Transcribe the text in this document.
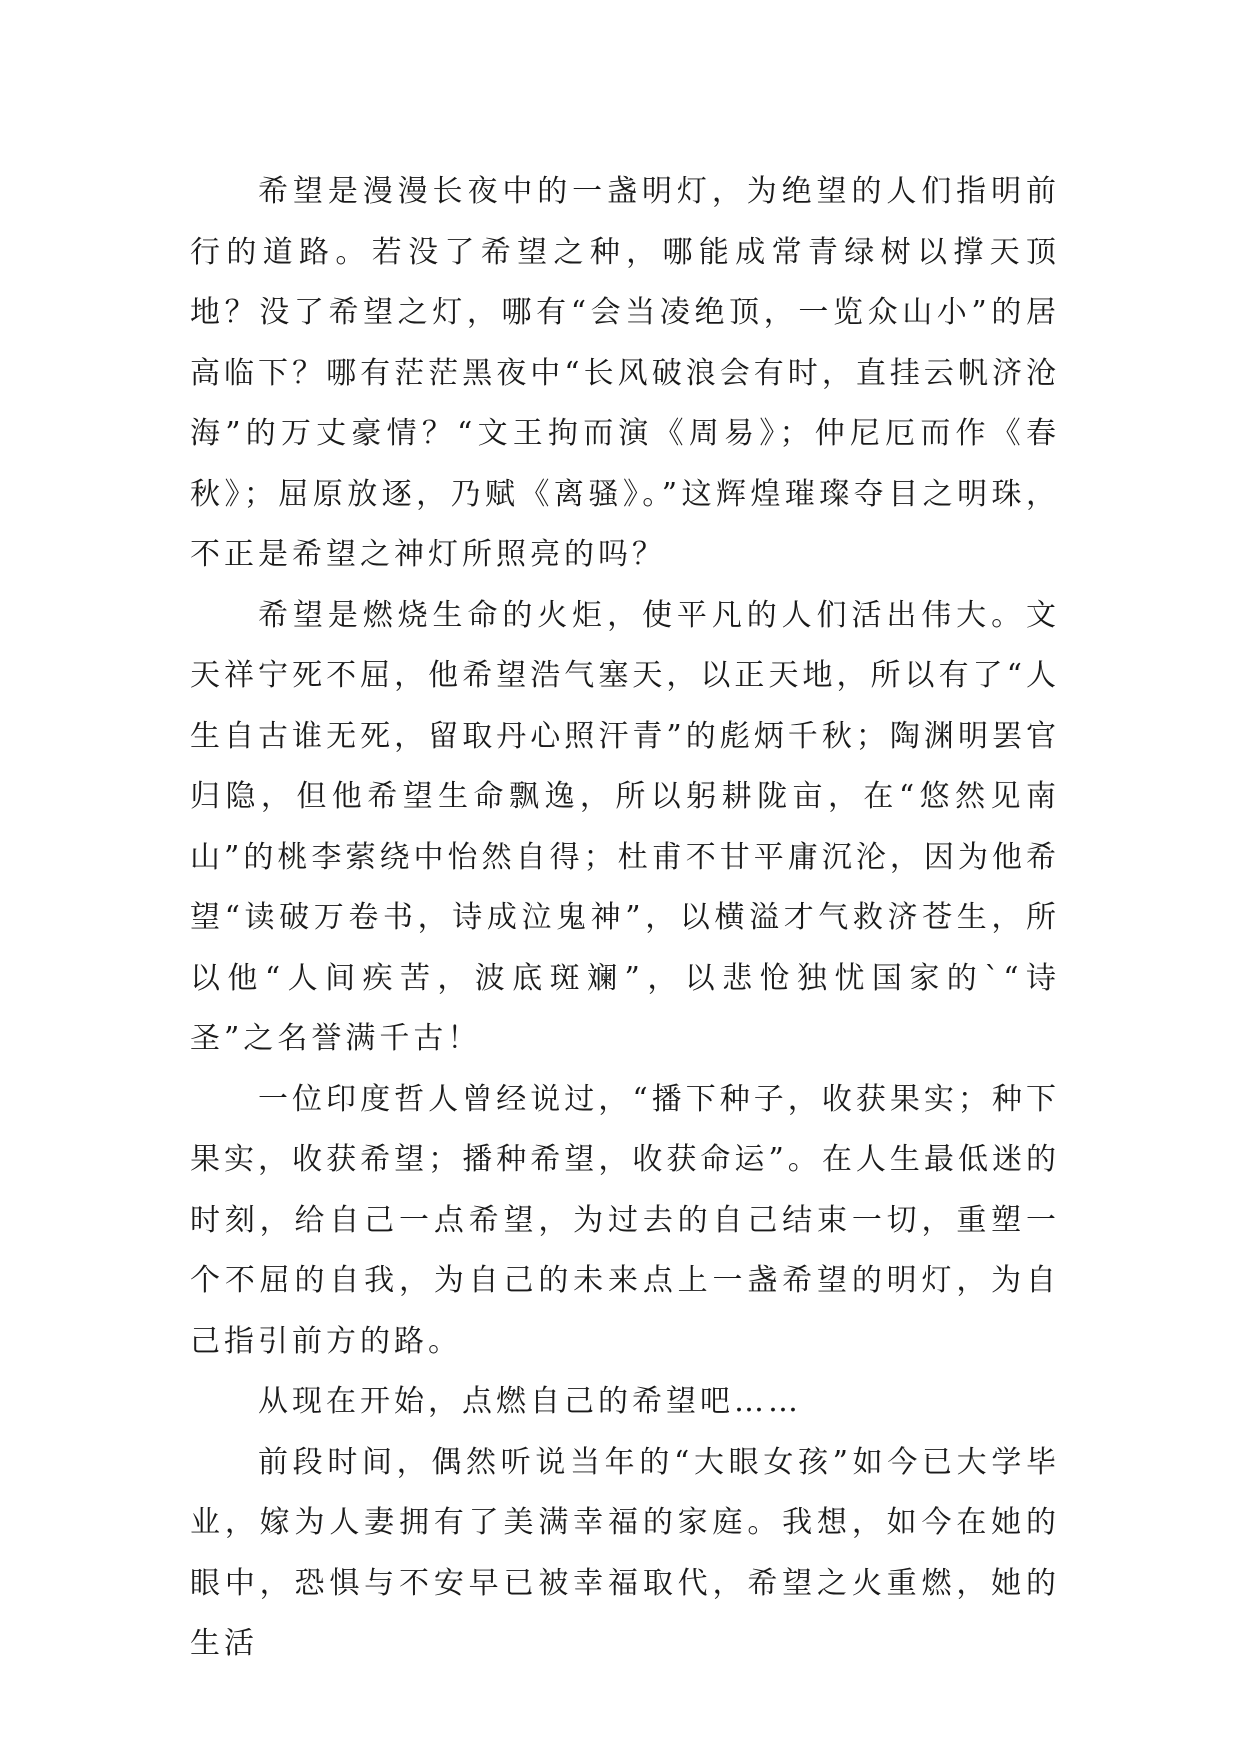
希望是漫漫长夜中的一盏明灯，为绝望的人们指明前行的道路。若没了希望之种，哪能成常青绿树以撑天顶地？没了希望之灯，哪有“会当凌绝顶，一览众山小”的居高临下？哪有茫茫黑夜中“长风破浪会有时，直挂云帆济沧海”的万丈豪情？“文王拘而演《周易》；仲尼厄而作《春秋》；屈原放逐，乃赋《离骚》。”这辉煌璀璨夺目之明珠，不正是希望之神灯所照亮的吗？

希望是燃烧生命的火炬，使平凡的人们活出伟大。文天祥宁死不屈，他希望浩气塞天，以正天地，所以有了“人生自古谁无死，留取丹心照汗青”的彪炳千秋；陶渊明罢官归隐，但他希望生命飘逸，所以躬耕陇亩，在“悠然见南山”的桃李萦绕中怡然自得；杜甫不甘平庸沉沦，因为他希望“读破万卷书，诗成泣鬼神”，以横溢才气救济苍生，所以他“人间疾苦，波底斑斓”，以悲怆独忧国家的`“诗圣”之名誉满千古！

一位印度哲人曾经说过，“播下种子，收获果实；种下果实，收获希望；播种希望，收获命运”。在人生最低迷的时刻，给自己一点希望，为过去的自己结束一切，重塑一个不屈的自我，为自己的未来点上一盏希望的明灯，为自己指引前方的路。

从现在开始，点燃自己的希望吧……

前段时间，偶然听说当年的“大眼女孩”如今已大学毕业，嫁为人妻拥有了美满幸福的家庭。我想，如今在她的眼中，恐惧与不安早已被幸福取代，希望之火重燃，她的生活
